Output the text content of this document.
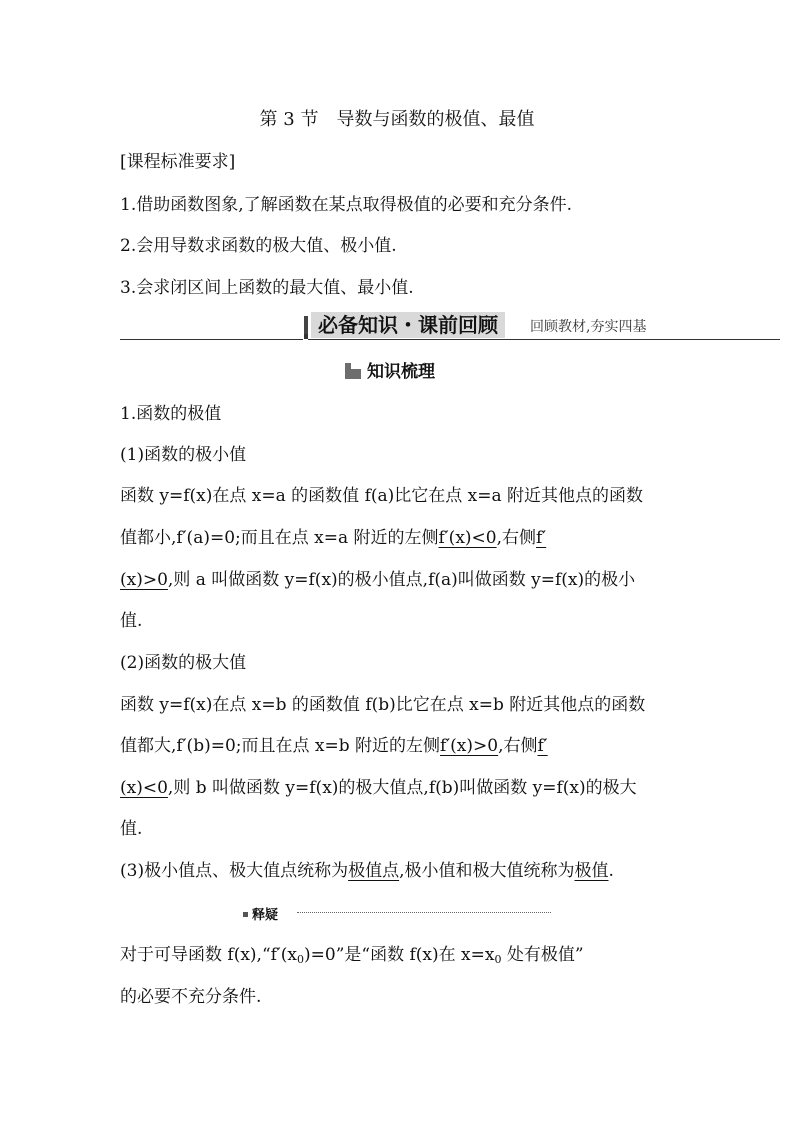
第 3 节 导数与函数的极值、最值
[课程标准要求]
1.借助函数图象,了解函数在某点取得极值的必要和充分条件.
2.会用导数求函数的极大值、极小值.
3.会求闭区间上函数的最大值、最小值.
必备知识・课前回顾	回顾教材,夯实四基
知识梳理
1.函数的极值
(1)函数的极小值
函数 y=f(x)在点 x=a 的函数值 f(a)比它在点 x=a 附近其他点的函数
值都小,f′(a)=0;而且在点 x=a 附近的左侧f′(x)<0,右侧f′
(x)>0,则 a 叫做函数 y=f(x)的极小值点,f(a)叫做函数 y=f(x)的极小
值.
(2)函数的极大值
函数 y=f(x)在点 x=b 的函数值 f(b)比它在点 x=b 附近其他点的函数
值都大,f′(b)=0;而且在点 x=b 附近的左侧f′(x)>0,右侧f′
(x)<0,则 b 叫做函数 y=f(x)的极大值点,f(b)叫做函数 y=f(x)的极大
值.
(3)极小值点、极大值点统称为极值点,极小值和极大值统称为极值.
释疑
对于可导函数 $f(x),“f'(x_0)=0$”是“函数 f(x)在 $x=x_0$ 处有极值”
的必要不充分条件.
